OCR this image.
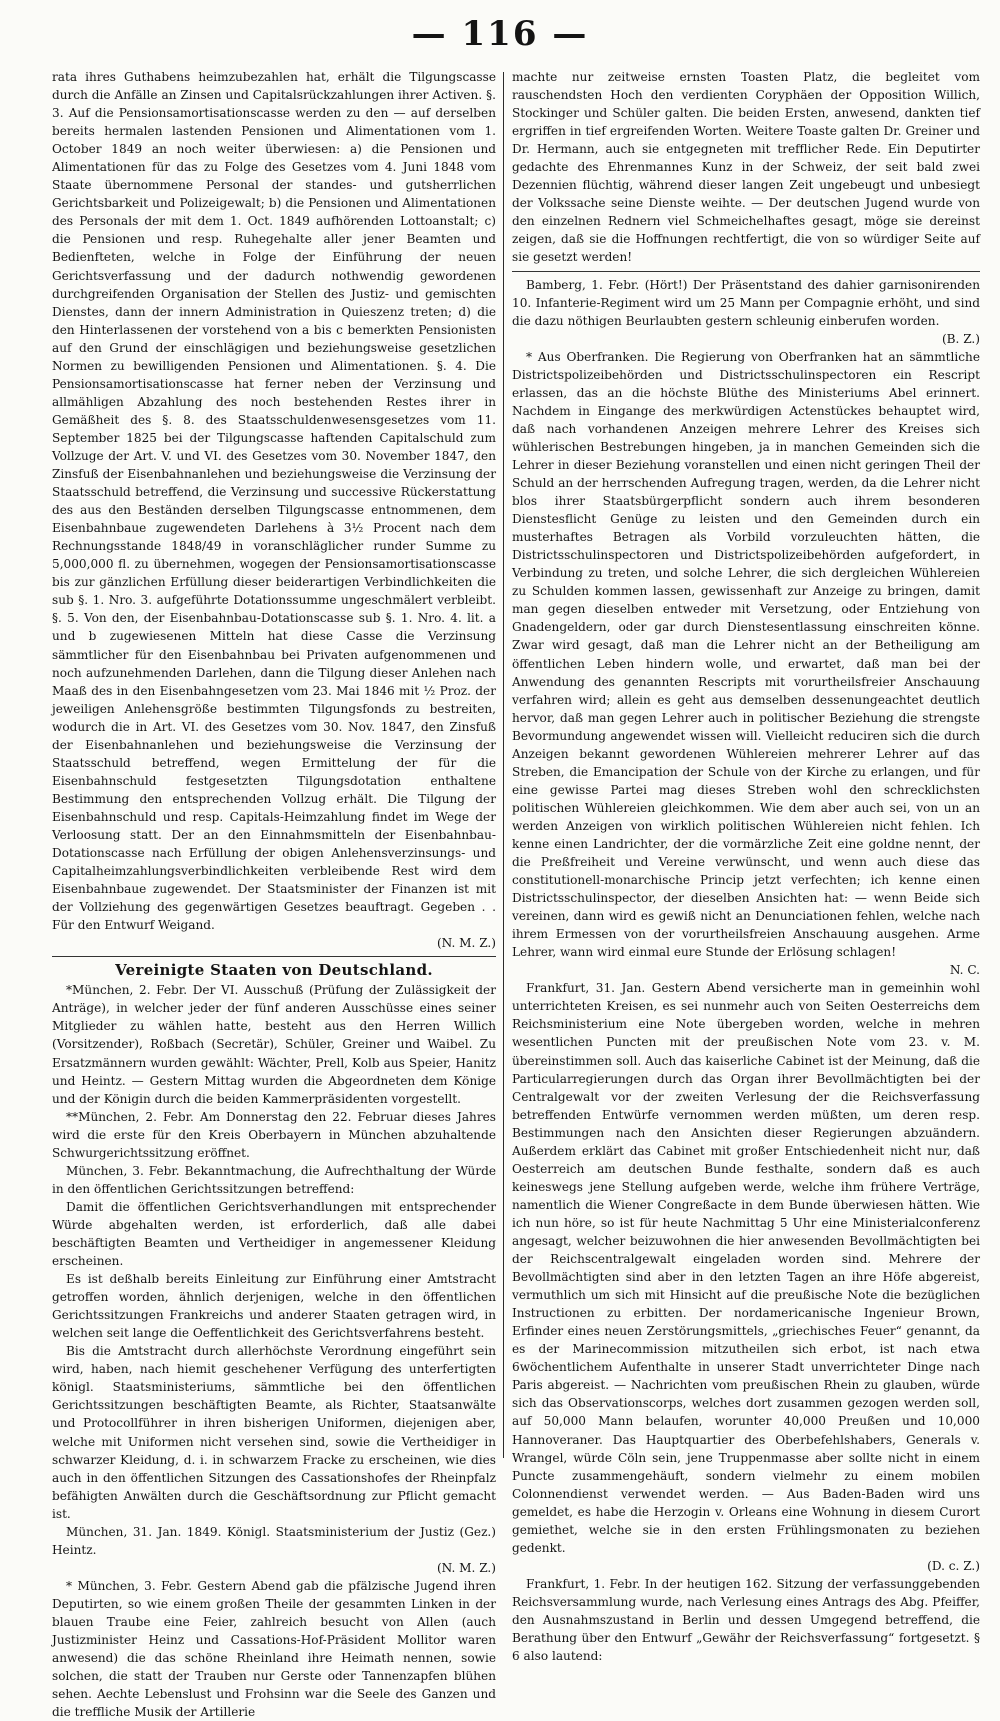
— 116 —

rata ihres Guthabens heimzubezahlen hat, erhält die Tilgungscasse durch die Anfälle an Zinsen und Capitalsrückzahlungen ihrer Activen. §. 3. Auf die Pensionsamortisationscasse werden zu den — auf derselben bereits hermalen lastenden Pensionen und Alimentationen vom 1. October 1849 an noch weiter überwiesen: a) die Pensionen und Alimentationen für das zu Folge des Gesetzes vom 4. Juni 1848 vom Staate übernommene Personal der standes- und gutsherrlichen Gerichtsbarkeit und Polizeigewalt; b) die Pensionen und Alimentationen des Personals der mit dem 1. Oct. 1849 aufhörenden Lottoanstalt; c) die Pensionen und resp. Ruhegehalte aller jener Beamten und Bedienfteten, welche in Folge der Einführung der neuen Gerichtsverfassung und der dadurch nothwendig gewordenen durchgreifenden Organisation der Stellen des Justiz- und gemischten Dienstes, dann der innern Administration in Quieszenz treten; d) die den Hinterlassenen der vorstehend von a bis c bemerkten Pensionisten auf den Grund der einschlägigen und beziehungsweise gesetzlichen Normen zu bewilligenden Pensionen und Alimentationen. §. 4. Die Pensionsamortisationscasse hat ferner neben der Verzinsung und allmähligen Abzahlung des noch bestehenden Restes ihrer in Gemäßheit des §. 8. des Staatsschuldenwesensgesetzes vom 11. September 1825 bei der Tilgungscasse haftenden Capitalschuld zum Vollzuge der Art. V. und VI. des Gesetzes vom 30. November 1847, den Zinsfuß der Eisenbahnanlehen und beziehungsweise die Verzinsung der Staatsschuld betreffend, die Verzinsung und successive Rückerstattung des aus den Beständen derselben Tilgungscasse entnommenen, dem Eisenbahnbaue zugewendeten Darlehens à 3½ Procent nach dem Rechnungsstande 1848/49 in voranschläglicher runder Summe zu 5,000,000 fl. zu übernehmen, wogegen der Pensionsamortisationscasse bis zur gänzlichen Erfüllung dieser beiderartigen Verbindlichkeiten die sub §. 1. Nro. 3. aufgeführte Dotationssumme ungeschmälert verbleibt. §. 5. Von den, der Eisenbahnbau-Dotationscasse sub §. 1. Nro. 4. lit. a und b zugewiesenen Mitteln hat diese Casse die Verzinsung sämmtlicher für den Eisenbahnbau bei Privaten aufgenommenen und noch aufzunehmenden Darlehen, dann die Tilgung dieser Anlehen nach Maaß des in den Eisenbahngesetzen vom 23. Mai 1846 mit ½ Proz. der jeweiligen Anlehensgröße bestimmten Tilgungsfonds zu bestreiten, wodurch die in Art. VI. des Gesetzes vom 30. Nov. 1847, den Zinsfuß der Eisenbahnanlehen und beziehungsweise die Verzinsung der Staatsschuld betreffend, wegen Ermittelung der für die Eisenbahnschuld festgesetzten Tilgungsdotation enthaltene Bestimmung den entsprechenden Vollzug erhält. Die Tilgung der Eisenbahnschuld und resp. Capitals-Heimzahlung findet im Wege der Verloosung statt. Der an den Einnahmsmitteln der Eisenbahnbau-Dotationscasse nach Erfüllung der obigen Anlehensverzinsungs- und Capitalheimzahlungsverbindlichkeiten verbleibende Rest wird dem Eisenbahnbaue zugewendet. Der Staatsminister der Finanzen ist mit der Vollziehung des gegenwärtigen Gesetzes beauftragt. Gegeben . . Für den Entwurf Weigand.

(N. M. Z.)

Vereinigte Staaten von Deutschland.

*München, 2. Febr. Der VI. Ausschuß (Prüfung der Zulässigkeit der Anträge), in welcher jeder der fünf anderen Ausschüsse eines seiner Mitglieder zu wählen hatte, besteht aus den Herren Willich (Vorsitzender), Roßbach (Secretär), Schüler, Greiner und Waibel. Zu Ersatzmännern wurden gewählt: Wächter, Prell, Kolb aus Speier, Hanitz und Heintz. — Gestern Mittag wurden die Abgeordneten dem Könige und der Königin durch die beiden Kammerpräsidenten vorgestellt.

**München, 2. Febr. Am Donnerstag den 22. Februar dieses Jahres wird die erste für den Kreis Oberbayern in München abzuhaltende Schwurgerichtssitzung eröffnet.

München, 3. Febr. Bekanntmachung, die Aufrechthaltung der Würde in den öffentlichen Gerichtssitzungen betreffend:

Damit die öffentlichen Gerichtsverhandlungen mit entsprechender Würde abgehalten werden, ist erforderlich, daß alle dabei beschäftigten Beamten und Vertheidiger in angemessener Kleidung erscheinen.

Es ist deßhalb bereits Einleitung zur Einführung einer Amtstracht getroffen worden, ähnlich derjenigen, welche in den öffentlichen Gerichtssitzungen Frankreichs und anderer Staaten getragen wird, in welchen seit lange die Oeffentlichkeit des Gerichtsverfahrens besteht.

Bis die Amtstracht durch allerhöchste Verordnung eingeführt sein wird, haben, nach hiemit geschehener Verfügung des unterfertigten königl. Staatsministeriums, sämmtliche bei den öffentlichen Gerichtssitzungen beschäftigten Beamte, als Richter, Staatsanwälte und Protocollführer in ihren bisherigen Uniformen, diejenigen aber, welche mit Uniformen nicht versehen sind, sowie die Vertheidiger in schwarzer Kleidung, d. i. in schwarzem Fracke zu erscheinen, wie dies auch in den öffentlichen Sitzungen des Cassationshofes der Rheinpfalz befähigten Anwälten durch die Geschäftsordnung zur Pflicht gemacht ist.

München, 31. Jan. 1849. Königl. Staatsministerium der Justiz (Gez.) Heintz.

(N. M. Z.)

* München, 3. Febr. Gestern Abend gab die pfälzische Jugend ihren Deputirten, so wie einem großen Theile der gesammten Linken in der blauen Traube eine Feier, zahlreich besucht von Allen (auch Justizminister Heinz und Cassations-Hof-Präsident Mollitor waren anwesend) die das schöne Rheinland ihre Heimath nennen, sowie solchen, die statt der Trauben nur Gerste oder Tannenzapfen blühen sehen. Aechte Lebenslust und Frohsinn war die Seele des Ganzen und die treffliche Musik der Artillerie

machte nur zeitweise ernsten Toasten Platz, die begleitet vom rauschendsten Hoch den verdienten Coryphäen der Opposition Willich, Stockinger und Schüler galten. Die beiden Ersten, anwesend, dankten tief ergriffen in tief ergreifenden Worten. Weitere Toaste galten Dr. Greiner und Dr. Hermann, auch sie entgegneten mit trefflicher Rede. Ein Deputirter gedachte des Ehrenmannes Kunz in der Schweiz, der seit bald zwei Dezennien flüchtig, während dieser langen Zeit ungebeugt und unbesiegt der Volkssache seine Dienste weihte. — Der deutschen Jugend wurde von den einzelnen Rednern viel Schmeichelhaftes gesagt, möge sie dereinst zeigen, daß sie die Hoffnungen rechtfertigt, die von so würdiger Seite auf sie gesetzt werden!

Bamberg, 1. Febr. (Hört!) Der Präsentstand des dahier garnisonirenden 10. Infanterie-Regiment wird um 25 Mann per Compagnie erhöht, und sind die dazu nöthigen Beurlaubten gestern schleunig einberufen worden.

(B. Z.)

* Aus Oberfranken. Die Regierung von Oberfranken hat an sämmtliche Districtspolizeibehörden und Districtsschulinspectoren ein Rescript erlassen, das an die höchste Blüthe des Ministeriums Abel erinnert. Nachdem in Eingange des merkwürdigen Actenstückes behauptet wird, daß nach vorhandenen Anzeigen mehrere Lehrer des Kreises sich wühlerischen Bestrebungen hingeben, ja in manchen Gemeinden sich die Lehrer in dieser Beziehung voranstellen und einen nicht geringen Theil der Schuld an der herrschenden Aufregung tragen, werden, da die Lehrer nicht blos ihrer Staatsbürgerpflicht sondern auch ihrem besonderen Dienstesflicht Genüge zu leisten und den Gemeinden durch ein musterhaftes Betragen als Vorbild vorzuleuchten hätten, die Districtsschulinspectoren und Districtspolizeibehörden aufgefordert, in Verbindung zu treten, und solche Lehrer, die sich dergleichen Wühlereien zu Schulden kommen lassen, gewissenhaft zur Anzeige zu bringen, damit man gegen dieselben entweder mit Versetzung, oder Entziehung von Gnadengeldern, oder gar durch Dienstesentlassung einschreiten könne. Zwar wird gesagt, daß man die Lehrer nicht an der Betheiligung am öffentlichen Leben hindern wolle, und erwartet, daß man bei der Anwendung des genannten Rescripts mit vorurtheilsfreier Anschauung verfahren wird; allein es geht aus demselben dessenungeachtet deutlich hervor, daß man gegen Lehrer auch in politischer Beziehung die strengste Bevormundung angewendet wissen will. Vielleicht reduciren sich die durch Anzeigen bekannt gewordenen Wühlereien mehrerer Lehrer auf das Streben, die Emancipation der Schule von der Kirche zu erlangen, und für eine gewisse Partei mag dieses Streben wohl den schrecklichsten politischen Wühlereien gleichkommen. Wie dem aber auch sei, von un an werden Anzeigen von wirklich politischen Wühlereien nicht fehlen. Ich kenne einen Landrichter, der die vormärzliche Zeit eine goldne nennt, der die Preßfreiheit und Vereine verwünscht, und wenn auch diese das constitutionell-monarchische Princip jetzt verfechten; ich kenne einen Districtsschulinspector, der dieselben Ansichten hat: — wenn Beide sich vereinen, dann wird es gewiß nicht an Denunciationen fehlen, welche nach ihrem Ermessen von der vorurtheilsfreien Anschauung ausgehen. Arme Lehrer, wann wird einmal eure Stunde der Erlösung schlagen!

N. C.

Frankfurt, 31. Jan. Gestern Abend versicherte man in gemeinhin wohl unterrichteten Kreisen, es sei nunmehr auch von Seiten Oesterreichs dem Reichsministerium eine Note übergeben worden, welche in mehren wesentlichen Puncten mit der preußischen Note vom 23. v. M. übereinstimmen soll. Auch das kaiserliche Cabinet ist der Meinung, daß die Particularregierungen durch das Organ ihrer Bevollmächtigten bei der Centralgewalt vor der zweiten Verlesung der die Reichsverfassung betreffenden Entwürfe vernommen werden müßten, um deren resp. Bestimmungen nach den Ansichten dieser Regierungen abzuändern. Außerdem erklärt das Cabinet mit großer Entschiedenheit nicht nur, daß Oesterreich am deutschen Bunde festhalte, sondern daß es auch keineswegs jene Stellung aufgeben werde, welche ihm frühere Verträge, namentlich die Wiener Congreßacte in dem Bunde überwiesen hätten. Wie ich nun höre, so ist für heute Nachmittag 5 Uhr eine Ministerialconferenz angesagt, welcher beizuwohnen die hier anwesenden Bevollmächtigten bei der Reichscentralgewalt eingeladen worden sind. Mehrere der Bevollmächtigten sind aber in den letzten Tagen an ihre Höfe abgereist, vermuthlich um sich mit Hinsicht auf die preußische Note die bezüglichen Instructionen zu erbitten. Der nordamericanische Ingenieur Brown, Erfinder eines neuen Zerstörungsmittels, „griechisches Feuer“ genannt, da es der Marinecommission mitzutheilen sich erbot, ist nach etwa 6wöchentlichem Aufenthalte in unserer Stadt unverrichteter Dinge nach Paris abgereist. — Nachrichten vom preußischen Rhein zu glauben, würde sich das Observationscorps, welches dort zusammen gezogen werden soll, auf 50,000 Mann belaufen, worunter 40,000 Preußen und 10,000 Hannoveraner. Das Hauptquartier des Oberbefehlshabers, Generals v. Wrangel, würde Cöln sein, jene Truppenmasse aber sollte nicht in einem Puncte zusammengehäuft, sondern vielmehr zu einem mobilen Colonnendienst verwendet werden. — Aus Baden-Baden wird uns gemeldet, es habe die Herzogin v. Orleans eine Wohnung in diesem Curort gemiethet, welche sie in den ersten Frühlingsmonaten zu beziehen gedenkt.

(D. c. Z.)

Frankfurt, 1. Febr. In der heutigen 162. Sitzung der verfassunggebenden Reichsversammlung wurde, nach Verlesung eines Antrags des Abg. Pfeiffer, den Ausnahmszustand in Berlin und dessen Umgegend betreffend, die Berathung über den Entwurf „Gewähr der Reichsverfassung“ fortgesetzt. § 6 also lautend:
